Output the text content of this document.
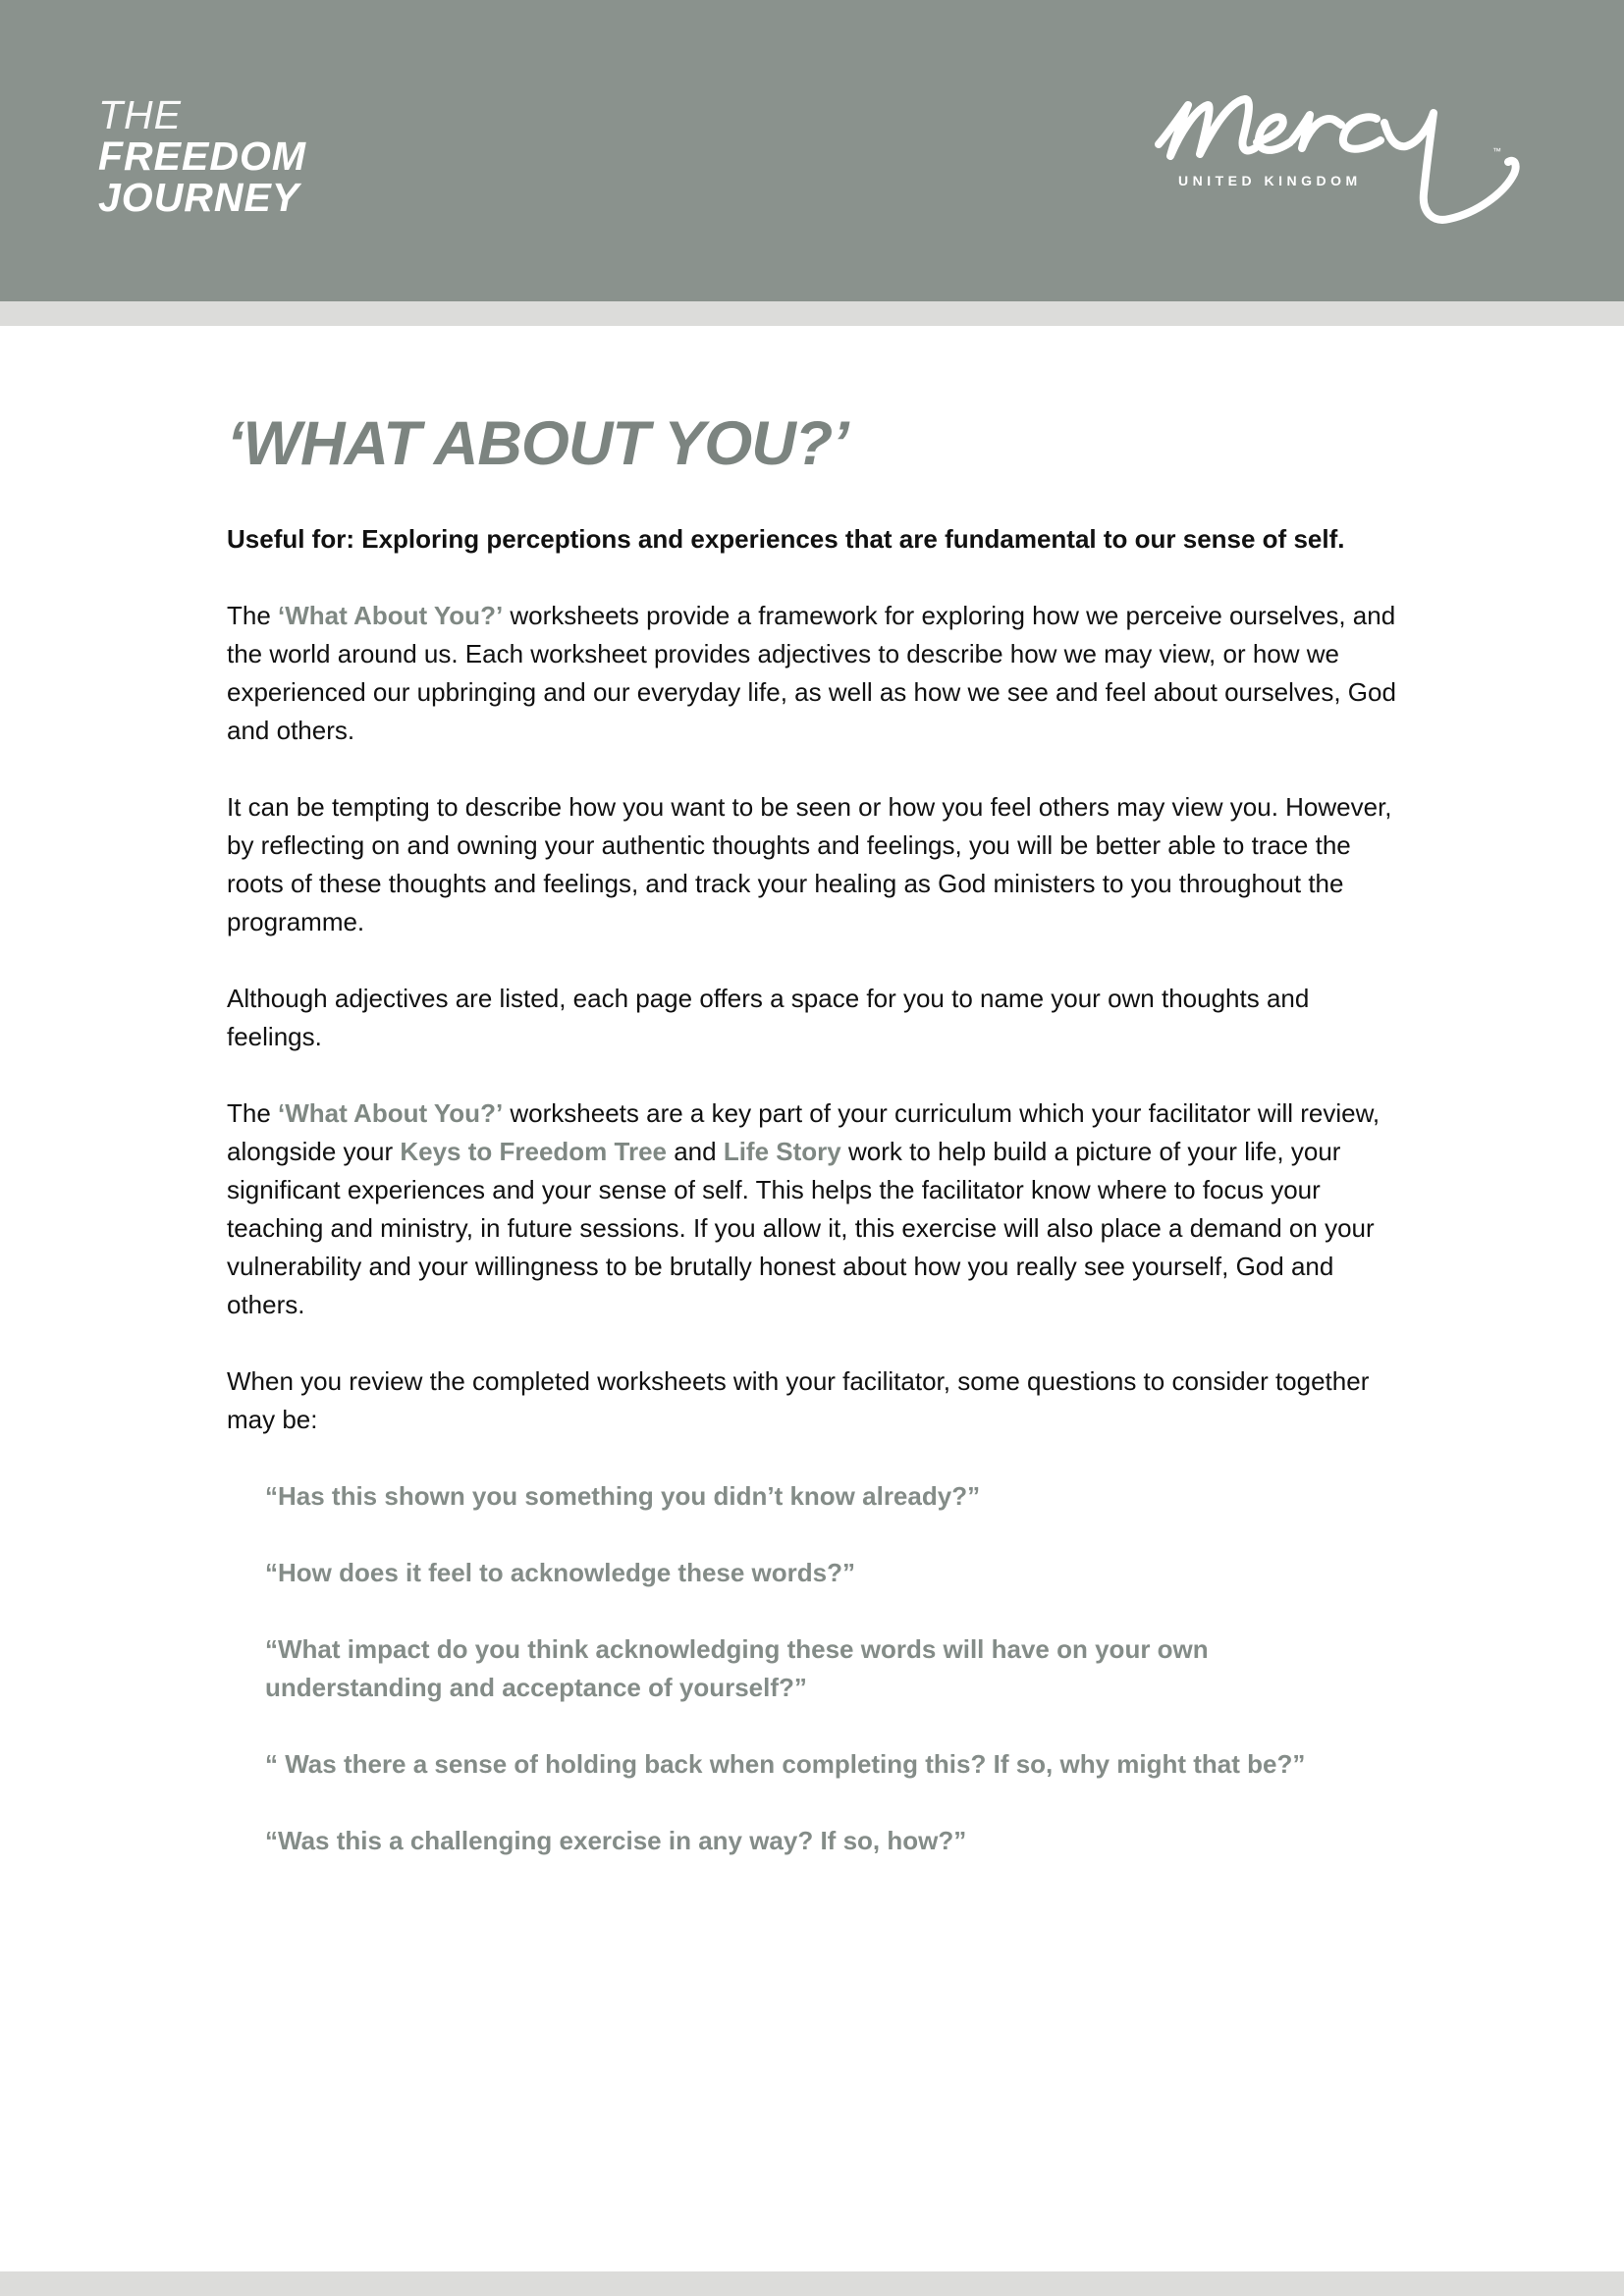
THE
FREEDOM
JOURNEY	UNITED KINGDOM
™
‘WHAT ABOUT YOU?’
Useful for: Exploring perceptions and experiences that are fundamental to our sense of self.

The ‘What About You?’ worksheets provide a framework for exploring how we perceive ourselves, and the world around us. Each worksheet provides adjectives to describe how we may view, or how we experienced our upbringing and our everyday life, as well as how we see and feel about ourselves, God and others.

It can be tempting to describe how you want to be seen or how you feel others may view you. However, by reflecting on and owning your authentic thoughts and feelings, you will be better able to trace the roots of these thoughts and feelings, and track your healing as God ministers to you throughout the programme.

Although adjectives are listed, each page offers a space for you to name your own thoughts and feelings.

The ‘What About You?’ worksheets are a key part of your curriculum which your facilitator will review, alongside your Keys to Freedom Tree and Life Story work to help build a picture of your life, your significant experiences and your sense of self. This helps the facilitator know where to focus your teaching and ministry, in future sessions. If you allow it, this exercise will also place a demand on your vulnerability and your willingness to be brutally honest about how you really see yourself, God and others.

When you review the completed worksheets with your facilitator, some questions to consider together may be:

“Has this shown you something you didn’t know already?”
“How does it feel to acknowledge these words?”
“What impact do you think acknowledging these words will have on your own understanding and acceptance of yourself?”
“ Was there a sense of holding back when completing this? If so, why might that be?”
“Was this a challenging exercise in any way? If so, how?”
